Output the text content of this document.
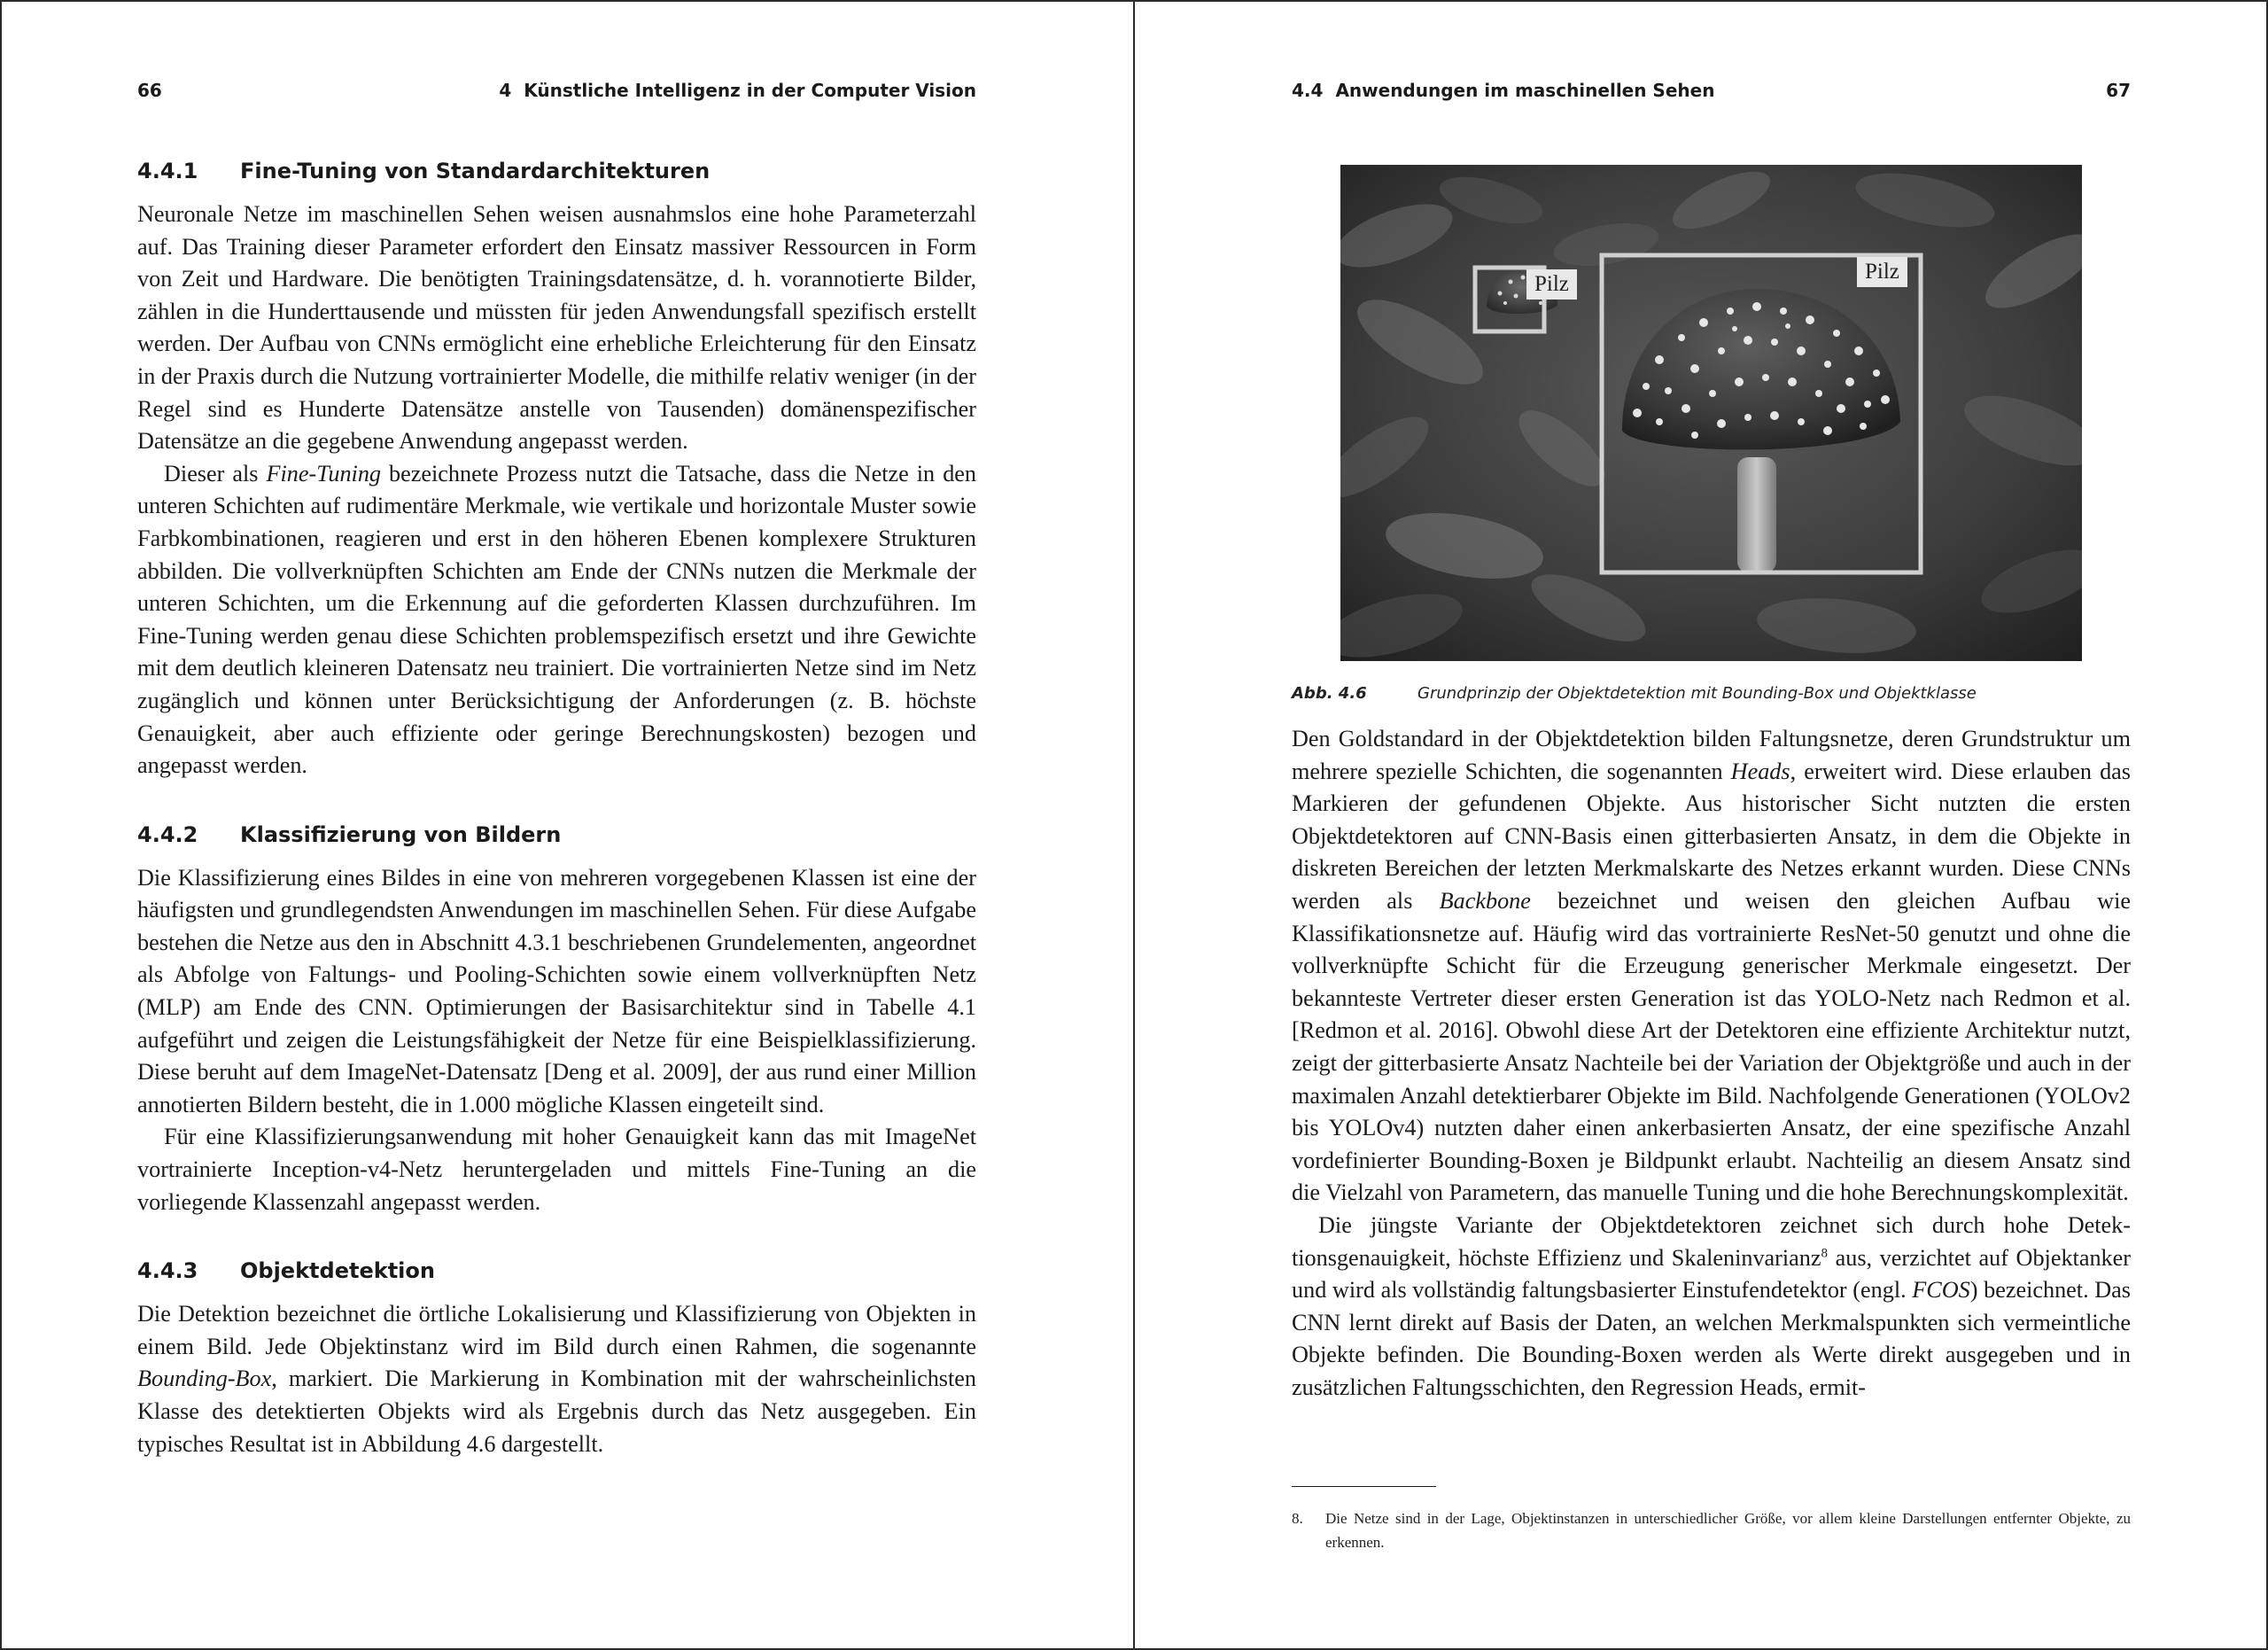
66	4 Künstliche Intelligenz in der Computer Vision
4.4.1 Fine-Tuning von Standardarchitekturen

Neuronale Netze im maschinellen Sehen weisen ausnahmslos eine hohe Parameterzahl auf. Das Training dieser Parameter erfordert den Einsatz massiver Ressourcen in Form von Zeit und Hardware. Die benötigten Trainingsdatensätze, d. h. vorannotierte Bilder, zählen in die Hunderttausende und müssten für jeden Anwendungsfall spezifisch erstellt werden. Der Aufbau von CNNs ermöglicht eine erhebliche Erleichterung für den Einsatz in der Praxis durch die Nutzung vortrainierter Modelle, die mithilfe relativ weniger (in der Regel sind es Hunderte Datensätze anstelle von Tausenden) domänenspezifischer Datensätze an die gegebene Anwendung angepasst werden.

Dieser als Fine-Tuning bezeichnete Prozess nutzt die Tatsache, dass die Netze in den unteren Schichten auf rudimentäre Merkmale, wie vertikale und horizontale Muster sowie Farbkombinationen, reagieren und erst in den höheren Ebenen komplexere Strukturen abbilden. Die vollverknüpften Schichten am Ende der CNNs nutzen die Merkmale der unteren Schichten, um die Erkennung auf die geforderten Klassen durchzuführen. Im Fine-Tuning werden genau diese Schichten problemspezifisch ersetzt und ihre Gewichte mit dem deutlich kleineren Datensatz neu trainiert. Die vortrainierten Netze sind im Netz zugänglich und können unter Berücksichtigung der Anforderungen (z. B. höchste Genauigkeit, aber auch effiziente oder geringe Berechnungskosten) bezogen und angepasst werden.

4.4.2 Klassifizierung von Bildern

Die Klassifizierung eines Bildes in eine von mehreren vorgegebenen Klassen ist eine der häufigsten und grundlegendsten Anwendungen im maschinellen Sehen. Für diese Aufgabe bestehen die Netze aus den in Abschnitt 4.3.1 beschriebenen Grundelementen, angeordnet als Abfolge von Faltungs- und Pooling-Schichten sowie einem vollverknüpften Netz (MLP) am Ende des CNN. Optimierungen der Basisarchitektur sind in Tabelle 4.1 aufgeführt und zeigen die Leistungsfähigkeit der Netze für eine Beispielklassifizierung. Diese beruht auf dem ImageNet-Datensatz [Deng et al. 2009], der aus rund einer Million annotierten Bildern besteht, die in 1.000 mögliche Klassen eingeteilt sind.

Für eine Klassifizierungsanwendung mit hoher Genauigkeit kann das mit ImageNet vortrainierte Inception-v4-Netz heruntergeladen und mittels Fine-Tuning an die vorliegende Klassenzahl angepasst werden.

4.4.3 Objektdetektion

Die Detektion bezeichnet die örtliche Lokalisierung und Klassifizierung von Objekten in einem Bild. Jede Objektinstanz wird im Bild durch einen Rahmen, die sogenannte Bounding-Box, markiert. Die Markierung in Kombination mit der wahrscheinlichsten Klasse des detektierten Objekts wird als Ergebnis durch das Netz ausgegeben. Ein typisches Resultat ist in Abbildung 4.6 dargestellt.

4.4 Anwendungen im maschinellen Sehen	67
Pilz
Pilz
Abb. 4.6	Grundprinzip der Objektdetektion mit Bounding-Box und Objektklasse

Den Goldstandard in der Objektdetektion bilden Faltungsnetze, deren Grundstruktur um mehrere spezielle Schichten, die sogenannten Heads, erweitert wird. Diese erlauben das Markieren der gefundenen Objekte. Aus historischer Sicht nutzten die ersten Objektdetektoren auf CNN-Basis einen gitterbasierten Ansatz, in dem die Objekte in diskreten Bereichen der letzten Merkmalskarte des Netzes erkannt wurden. Diese CNNs werden als Backbone bezeichnet und weisen den gleichen Aufbau wie Klassifikationsnetze auf. Häufig wird das vortrainierte ResNet-50 genutzt und ohne die vollverknüpfte Schicht für die Erzeugung generischer Merkmale eingesetzt. Der bekannteste Vertreter dieser ersten Generation ist das YOLO-Netz nach Redmon et al. [Redmon et al. 2016]. Obwohl diese Art der Detektoren eine effiziente Architektur nutzt, zeigt der gitterbasierte Ansatz Nachteile bei der Variation der Objektgröße und auch in der maximalen Anzahl detektierbarer Objekte im Bild. Nachfolgende Generationen (YOLOv2 bis YOLOv4) nutzten daher einen ankerbasierten Ansatz, der eine spezifische Anzahl vordefinierter Bounding-Boxen je Bildpunkt erlaubt. Nachteilig an diesem Ansatz sind die Vielzahl von Parametern, das manuelle Tuning und die hohe Berechnungskomplexität.

Die jüngste Variante der Objektdetektoren zeichnet sich durch hohe Detektionsgenauigkeit, höchste Effizienz und Skaleninvarianz$^8$ aus, verzichtet auf Objektanker und wird als vollständig faltungsbasierter Einstufendetektor (engl. FCOS) bezeichnet. Das CNN lernt direkt auf Basis der Daten, an welchen Merkmalspunkten sich vermeintliche Objekte befinden. Die Bounding-Boxen werden als Werte direkt ausgegeben und in zusätzlichen Faltungsschichten, den Regression Heads, ermit-

8. Die Netze sind in der Lage, Objektinstanzen in unterschiedlicher Größe, vor allem kleine Darstellungen entfernter Objekte, zu erkennen.
